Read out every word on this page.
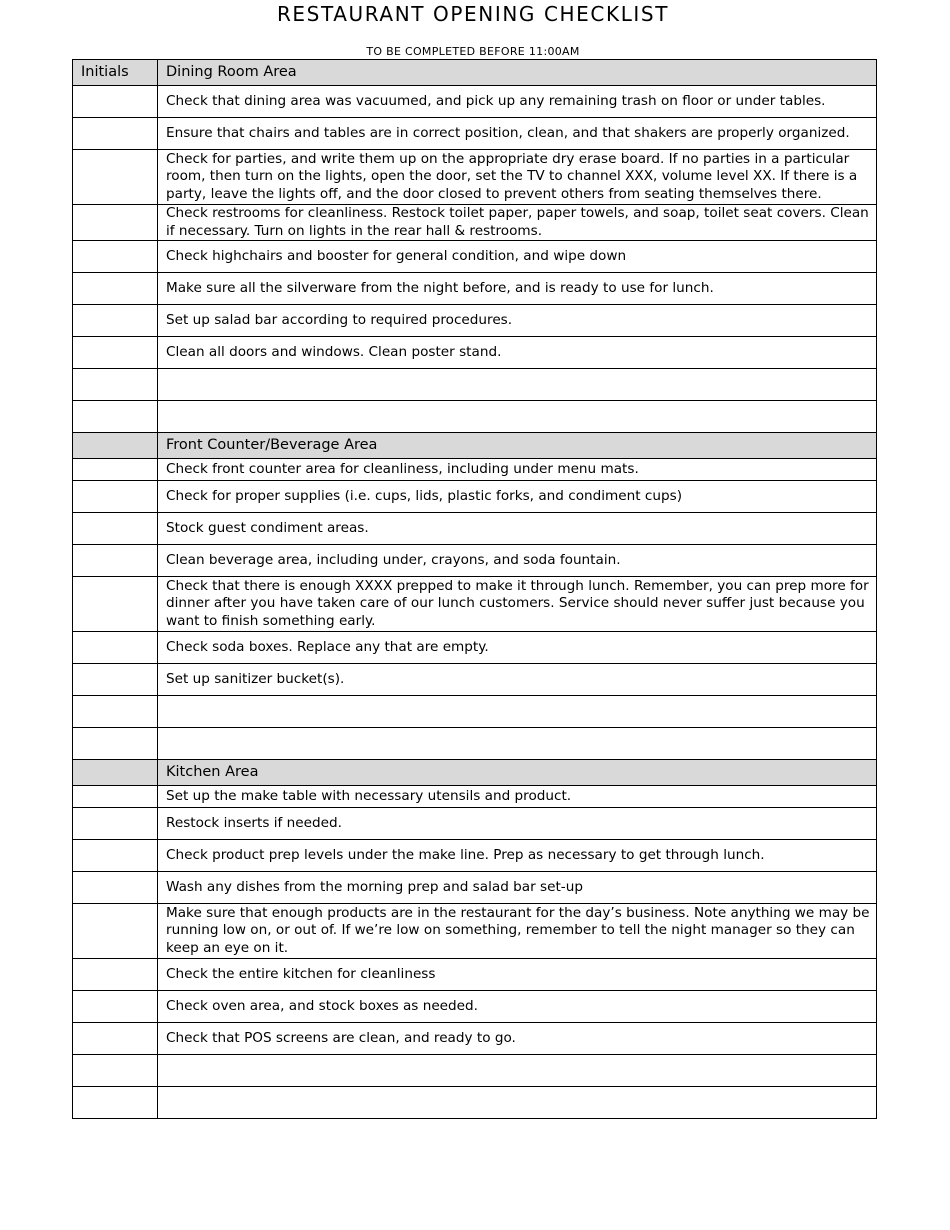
RESTAURANT OPENING CHECKLIST
TO BE COMPLETED BEFORE 11:00AM
Initials	Dining Room Area
	Check that dining area was vacuumed, and pick up any remaining trash on floor or under tables.
	Ensure that chairs and tables are in correct position, clean, and that shakers are properly organized.
	Check for parties, and write them up on the appropriate dry erase board. If no parties in a particular room, then turn on the lights, open the door, set the TV to channel XXX, volume level XX. If there is a party, leave the lights off, and the door closed to prevent others from seating themselves there.
	Check restrooms for cleanliness. Restock toilet paper, paper towels, and soap, toilet seat covers. Clean if necessary. Turn on lights in the rear hall & restrooms.
	Check highchairs and booster for general condition, and wipe down
	Make sure all the silverware from the night before, and is ready to use for lunch.
	Set up salad bar according to required procedures.
	Clean all doors and windows. Clean poster stand.

	Front Counter/Beverage Area
	Check front counter area for cleanliness, including under menu mats.
	Check for proper supplies (i.e. cups, lids, plastic forks, and condiment cups)
	Stock guest condiment areas.
	Clean beverage area, including under, crayons, and soda fountain.
	Check that there is enough XXXX prepped to make it through lunch. Remember, you can prep more for dinner after you have taken care of our lunch customers. Service should never suffer just because you want to finish something early.
	Check soda boxes. Replace any that are empty.
	Set up sanitizer bucket(s).

	Kitchen Area
	Set up the make table with necessary utensils and product.
	Restock inserts if needed.
	Check product prep levels under the make line. Prep as necessary to get through lunch.
	Wash any dishes from the morning prep and salad bar set-up
	Make sure that enough products are in the restaurant for the day’s business. Note anything we may be running low on, or out of. If we’re low on something, remember to tell the night manager so they can keep an eye on it.
	Check the entire kitchen for cleanliness
	Check oven area, and stock boxes as needed.
	Check that POS screens are clean, and ready to go.
